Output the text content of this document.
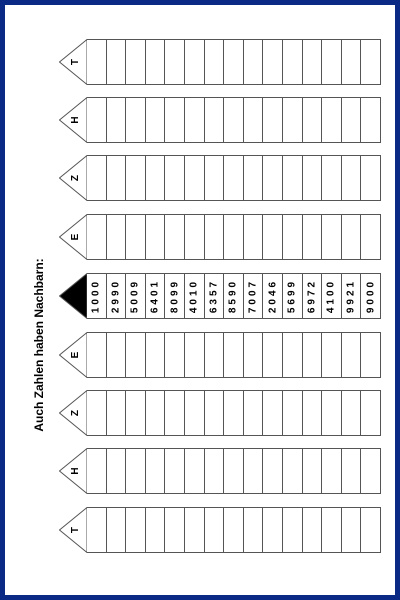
Auch Zahlen haben Nachbarn:
T
H
Z
E
1000 2990 5009 6401 8099 4010 6357 8590 7007 2046 5699 6972 4100 9921 9000
E
Z
H
T
